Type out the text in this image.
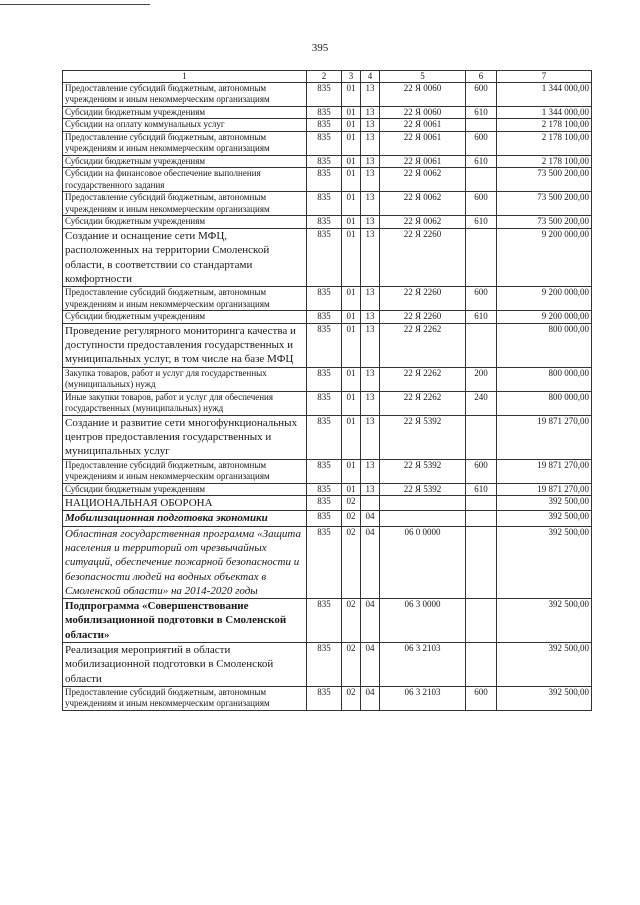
395
1	2	3	4	5	6	7
Предоставление субсидий бюджетным, автономным учреждениям и иным некоммерческим организациям	835	01	13	22 Я 0060	600	1 344 000,00
Субсидии бюджетным учреждениям	835	01	13	22 Я 0060	610	1 344 000,00
Субсидии на оплату коммунальных услуг	835	01	13	22 Я 0061		2 178 100,00
Предоставление субсидий бюджетным, автономным учреждениям и иным некоммерческим организациям	835	01	13	22 Я 0061	600	2 178 100,00
Субсидии бюджетным учреждениям	835	01	13	22 Я 0061	610	2 178 100,00
Субсидии на финансовое обеспечение выполнения государственного задания	835	01	13	22 Я 0062		73 500 200,00
Предоставление субсидий бюджетным, автономным учреждениям и иным некоммерческим организациям	835	01	13	22 Я 0062	600	73 500 200,00
Субсидии бюджетным учреждениям	835	01	13	22 Я 0062	610	73 500 200,00
Создание и оснащение сети МФЦ, расположенных на территории Смоленской области, в соответствии со стандартами комфортности	835	01	13	22 Я 2260		9 200 000,00
Предоставление субсидий бюджетным, автономным учреждениям и иным некоммерческим организациям	835	01	13	22 Я 2260	600	9 200 000,00
Субсидии бюджетным учреждениям	835	01	13	22 Я 2260	610	9 200 000,00
Проведение регулярного мониторинга качества и доступности предоставления государственных и муниципальных услуг, в том числе на базе МФЦ	835	01	13	22 Я 2262		800 000,00
Закупка товаров, работ и услуг для государственных (муниципальных) нужд	835	01	13	22 Я 2262	200	800 000,00
Иные закупки товаров, работ и услуг для обеспечения государственных (муниципальных) нужд	835	01	13	22 Я 2262	240	800 000,00
Создание и развитие сети многофункциональных центров предоставления государственных и муниципальных услуг	835	01	13	22 Я 5392		19 871 270,00
Предоставление субсидий бюджетным, автономным учреждениям и иным некоммерческим организациям	835	01	13	22 Я 5392	600	19 871 270,00
Субсидии бюджетным учреждениям	835	01	13	22 Я 5392	610	19 871 270,00
НАЦИОНАЛЬНАЯ ОБОРОНА	835	02				392 500,00
Мобилизационная подготовка экономики	835	02	04			392 500,00
Областная государственная программа «Защита населения и территорий от чрезвычайных ситуаций, обеспечение пожарной безопасности и безопасности людей на водных объектах в Смоленской области» на 2014-2020 годы	835	02	04	06 0 0000		392 500,00
Подпрограмма «Совершенствование мобилизационной подготовки в Смоленской области»	835	02	04	06 3 0000		392 500,00
Реализация мероприятий в области мобилизационной подготовки в Смоленской области	835	02	04	06 3 2103		392 500,00
Предоставление субсидий бюджетным, автономным учреждениям и иным некоммерческим организациям	835	02	04	06 3 2103	600	392 500,00
